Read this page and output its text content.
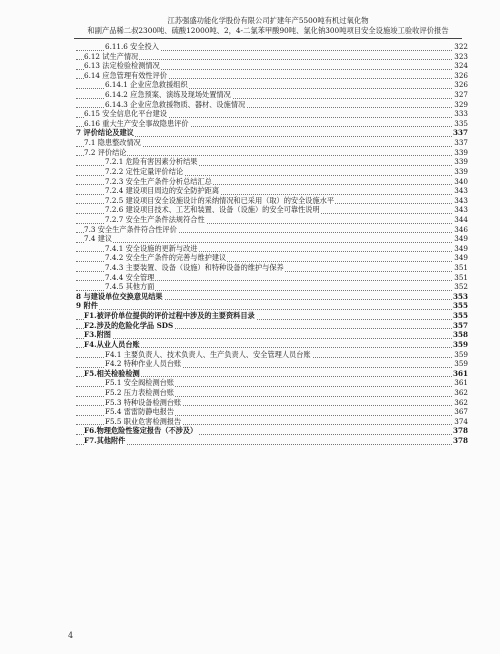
江苏强盛功能化学股份有限公司扩建年产5500吨有机过氧化物
和副产品稀二叔2300吨、硫酸12000吨、2，4-二氯苯甲酸90吨、氯化钠300吨项目安全设施竣工验收评价报告
6.11.6 安全投入	322
6.12 试生产情况	323
6.13 法定检验检测情况	324
6.14 应急管理有效性评价	326
6.14.1 企业应急救援组织	326
6.14.2 应急预案、演练及现场处置情况	327
6.14.3 企业应急救援物质、器材、设施情况	329
6.15 安全信息化平台建设	333
6.16 重大生产安全事故隐患评价	335
7 评价结论及建议	337
7.1 隐患整改情况	337
7.2 评价结论	339
7.2.1 危险有害因素分析结果	339
7.2.2 定性定量评价结论	339
7.2.3 安全生产条件分析总结汇总	340
7.2.4 建设项目周边的安全防护距离	343
7.2.5 建设项目安全设施设计的采纳情况和已采用（取）的安全设施水平	343
7.2.6 建设项目技术、工艺和装置、设备（设施）的安全可靠性说明	343
7.2.7 安全生产条件法规符合性	344
7.3 安全生产条件符合性评价	346
7.4 建议	349
7.4.1 安全设施的更新与改进	349
7.4.2 安全生产条件的完善与维护建议	349
7.4.3 主要装置、设备（设施）和特种设备的维护与保养	351
7.4.4 安全管理	351
7.4.5 其他方面	352
8 与建设单位交换意见结果	353
9 附件	355
F1.被评价单位提供的评价过程中涉及的主要资料目录	355
F2.涉及的危险化学品 SDS	357
F3.附图	358
F4.从业人员台账	359
F4.1 主要负责人、技术负责人、生产负责人、安全管理人员台账	359
F4.2 特种作业人员台账	359
F5.相关检验检测	361
F5.1 安全阀检测台账	361
F5.2 压力表检测台账	362
F5.3 特种设备检测台账	362
F5.4 雷雷防静电报告	367
F5.5 职业危害检测报告	374
F6.物理危险性鉴定报告（不涉及）	378
F7.其他附件	378
4
